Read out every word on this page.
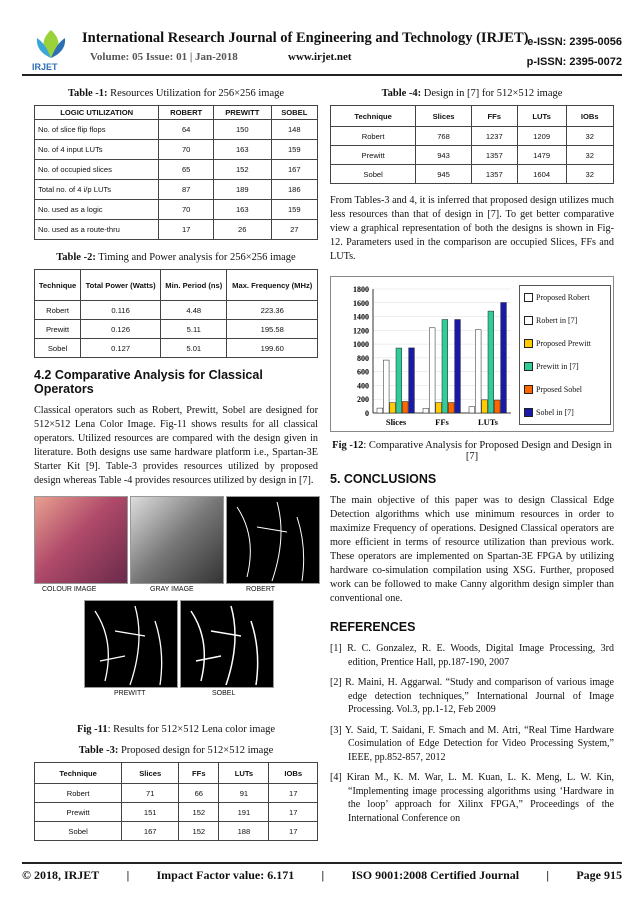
IRJET
International Research Journal of Engineering and Technology (IRJET)
Volume: 05 Issue: 01 | Jan-2018	www.irjet.net
e-ISSN: 2395-0056
p-ISSN: 2395-0072
Table -1: Resources Utilization for 256×256 image
LOGIC UTILIZATION	ROBERT	PREWITT	SOBEL
No. of slice flip flops	64	150	148
No. of 4 input LUTs	70	163	159
No. of occupied slices	65	152	167
Total no. of 4 i/p LUTs	87	189	186
No. used as a logic	70	163	159
No. used as a route-thru	17	26	27
Table -2: Timing and Power analysis for 256×256 image
Technique	Total Power (Watts)	Min. Period (ns)	Max. Frequency (MHz)
Robert	0.116	4.48	223.36
Prewitt	0.126	5.11	195.58
Sobel	0.127	5.01	199.60
4.2 Comparative Analysis for Classical Operators

Classical operators such as Robert, Prewitt, Sobel are designed for 512×512 Lena Color Image. Fig-11 shows results for all classical operators. Utilized resources are compared with the design given in literature. Both designs use same hardware platform i.e., Spartan-3E Starter Kit [9]. Table-3 provides resources utilized by proposed design whereas Table -4 provides resources utilized by design in [7].

COLOUR IMAGE	GRAY IMAGE	ROBERT
PREWITT	SOBEL
Fig -11: Results for 512×512 Lena color image
Table -3: Proposed design for 512×512 image
Technique	Slices	FFs	LUTs	IOBs
Robert	71	66	91	17
Prewitt	151	152	191	17
Sobel	167	152	188	17
Table -4: Design in [7] for 512×512 image
Technique	Slices	FFs	LUTs	IOBs
Robert	768	1237	1209	32
Prewitt	943	1357	1479	32
Sobel	945	1357	1604	32

From Tables-3 and 4, it is inferred that proposed design utilizes much less resources than that of design in [7]. To get better comparative view a graphical representation of both the designs is shown in Fig- 12. Parameters used in the comparison are occupied Slices, FFs and LUTs.

0
200
400
600
800
1000
1200
1400
1600
1800
Slices	FFs	LUTs
Proposed Robert
Robert in [7]
Proposed Prewitt
Prewitt in [7]
Prposed Sobel
Sobel in [7]
Fig -12: Comparative Analysis for Proposed Design and Design in [7]
5. CONCLUSIONS

The main objective of this paper was to design Classical Edge Detection algorithms which use minimum resources in order to maximize Frequency of operations. Designed Classical operators are more efficient in terms of resource utilization than previous work. These operators are implemented on Spartan-3E FPGA by utilizing hardware co-simulation compilation using XSG. Further, proposed work can be followed to make Canny algorithm design simpler than conventional one.

REFERENCES

[1] R. C. Gonzalez, R. E. Woods, Digital Image Processing, 3rd edition, Prentice Hall, pp.187-190, 2007

[2] R. Maini, H. Aggarwal. “Study and comparison of various image edge detection techniques,” International Journal of Image Processing. Vol.3, pp.1-12, Feb 2009

[3] Y. Said, T. Saidani, F. Smach and M. Atri, “Real Time Hardware Cosimulation of Edge Detection for Video Processing System,” IEEE, pp.852-857, 2012

[4] Kiran M., K. M. War, L. M. Kuan, L. K. Meng, L. W. Kin, “Implementing image processing algorithms using ‘Hardware in the loop’ approach for Xilinx FPGA,” Proceedings of the International Conference on

© 2018, IRJET | Impact Factor value: 6.171 | ISO 9001:2008 Certified Journal | Page 915
